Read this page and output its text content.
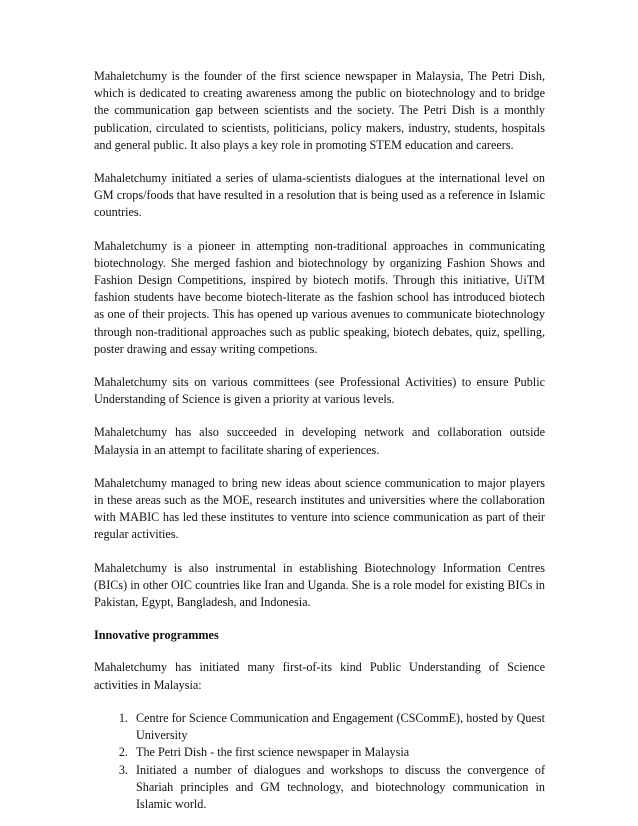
Mahaletchumy is the founder of the first science newspaper in Malaysia, The Petri Dish, which is dedicated to creating awareness among the public on biotechnology and to bridge the communication gap between scientists and the society. The Petri Dish is a monthly publication, circulated to scientists, politicians, policy makers, industry, students, hospitals and general public. It also plays a key role in promoting STEM education and careers.

Mahaletchumy initiated a series of ulama-scientists dialogues at the international level on GM crops/foods that have resulted in a resolution that is being used as a reference in Islamic countries.

Mahaletchumy is a pioneer in attempting non-traditional approaches in communicating biotechnology. She merged fashion and biotechnology by organizing Fashion Shows and Fashion Design Competitions, inspired by biotech motifs. Through this initiative, UiTM fashion students have become biotech-literate as the fashion school has introduced biotech as one of their projects. This has opened up various avenues to communicate biotechnology through non-traditional approaches such as public speaking, biotech debates, quiz, spelling, poster drawing and essay writing competions.

Mahaletchumy sits on various committees (see Professional Activities) to ensure Public Understanding of Science is given a priority at various levels.

Mahaletchumy has also succeeded in developing network and collaboration outside Malaysia in an attempt to facilitate sharing of experiences.

Mahaletchumy managed to bring new ideas about science communication to major players in these areas such as the MOE, research institutes and universities where the collaboration with MABIC has led these institutes to venture into science communication as part of their regular activities.

Mahaletchumy is also instrumental in establishing Biotechnology Information Centres (BICs) in other OIC countries like Iran and Uganda. She is a role model for existing BICs in Pakistan, Egypt, Bangladesh, and Indonesia.

Innovative programmes

Mahaletchumy has initiated many first-of-its kind Public Understanding of Science activities in Malaysia:

1. Centre for Science Communication and Engagement (CSCommE), hosted by Quest University
2. The Petri Dish - the first science newspaper in Malaysia
3. Initiated a number of dialogues and workshops to discuss the convergence of Shariah principles and GM technology, and biotechnology communication in Islamic world.
